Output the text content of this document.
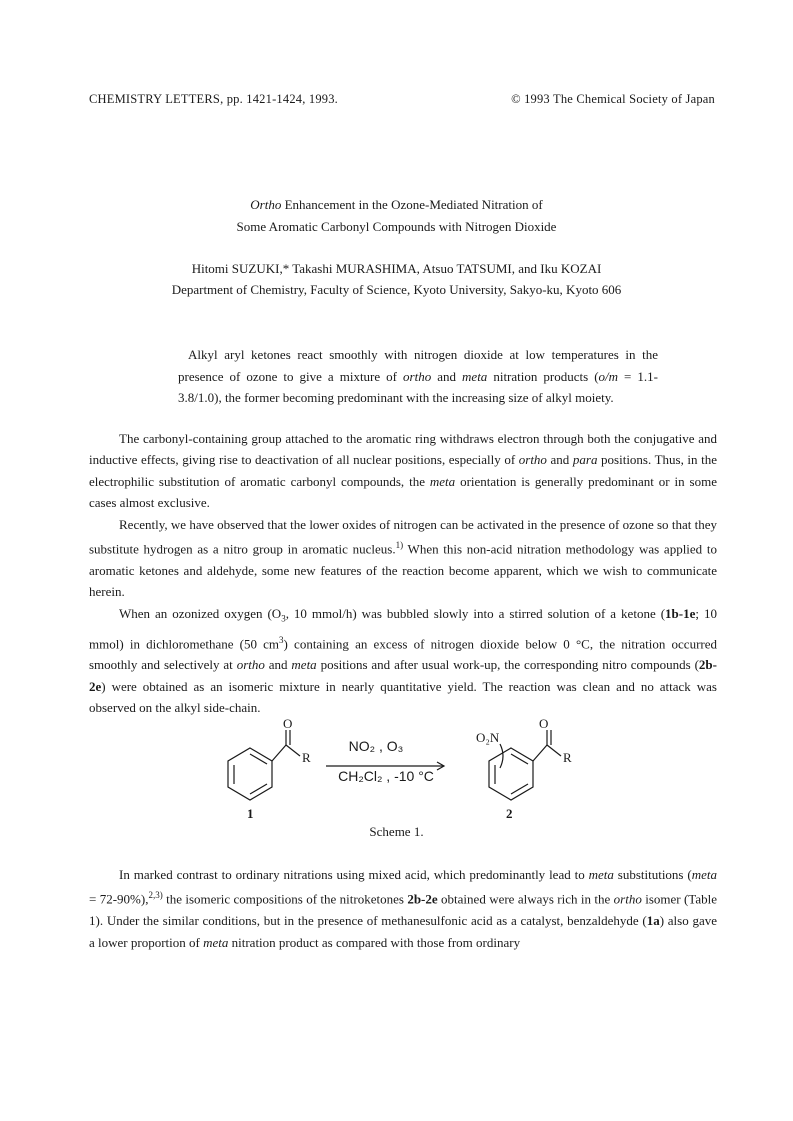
CHEMISTRY LETTERS, pp. 1421-1424, 1993.	© 1993 The Chemical Society of Japan
Ortho Enhancement in the Ozone-Mediated Nitration of
Some Aromatic Carbonyl Compounds with Nitrogen Dioxide
Hitomi SUZUKI,* Takashi MURASHIMA, Atsuo TATSUMI, and Iku KOZAI
Department of Chemistry, Faculty of Science, Kyoto University, Sakyo-ku, Kyoto 606
Alkyl aryl ketones react smoothly with nitrogen dioxide at low temperatures in the presence of ozone to give a mixture of ortho and meta nitration products (o/m = 1.1-3.8/1.0), the former becoming predominant with the increasing size of alkyl moiety.

The carbonyl-containing group attached to the aromatic ring withdraws electron through both the conjugative and inductive effects, giving rise to deactivation of all nuclear positions, especially of ortho and para positions. Thus, in the electrophilic substitution of aromatic carbonyl compounds, the meta orientation is generally predominant or in some cases almost exclusive.

Recently, we have observed that the lower oxides of nitrogen can be activated in the presence of ozone so that they substitute hydrogen as a nitro group in aromatic nucleus.$^{1)}$ When this non-acid nitration methodology was applied to aromatic ketones and aldehyde, some new features of the reaction become apparent, which we wish to communicate herein.

When an ozonized oxygen ($O_3$, 10 mmol/h) was bubbled slowly into a stirred solution of a ketone (1b-1e; 10 mmol) in dichloromethane (50 $cm^3$) containing an excess of nitrogen dioxide below 0 °C, the nitration occurred smoothly and selectively at ortho and meta positions and after usual work-up, the corresponding nitro compounds (2b-2e) were obtained as an isomeric mixture in nearly quantitative yield. The reaction was clean and no attack was observed on the alkyl side-chain.

O
R
NO₂ , O₃
CH₂Cl₂ , -10 °C
O₂N
O
R
1	2
Scheme 1.

In marked contrast to ordinary nitrations using mixed acid, which predominantly lead to meta substitutions (meta = 72-90%),$^{2,3)}$ the isomeric compositions of the nitroketones 2b-2e obtained were always rich in the ortho isomer (Table 1). Under the similar conditions, but in the presence of methanesulfonic acid as a catalyst, benzaldehyde (1a) also gave a lower proportion of meta nitration product as compared with those from ordinary
